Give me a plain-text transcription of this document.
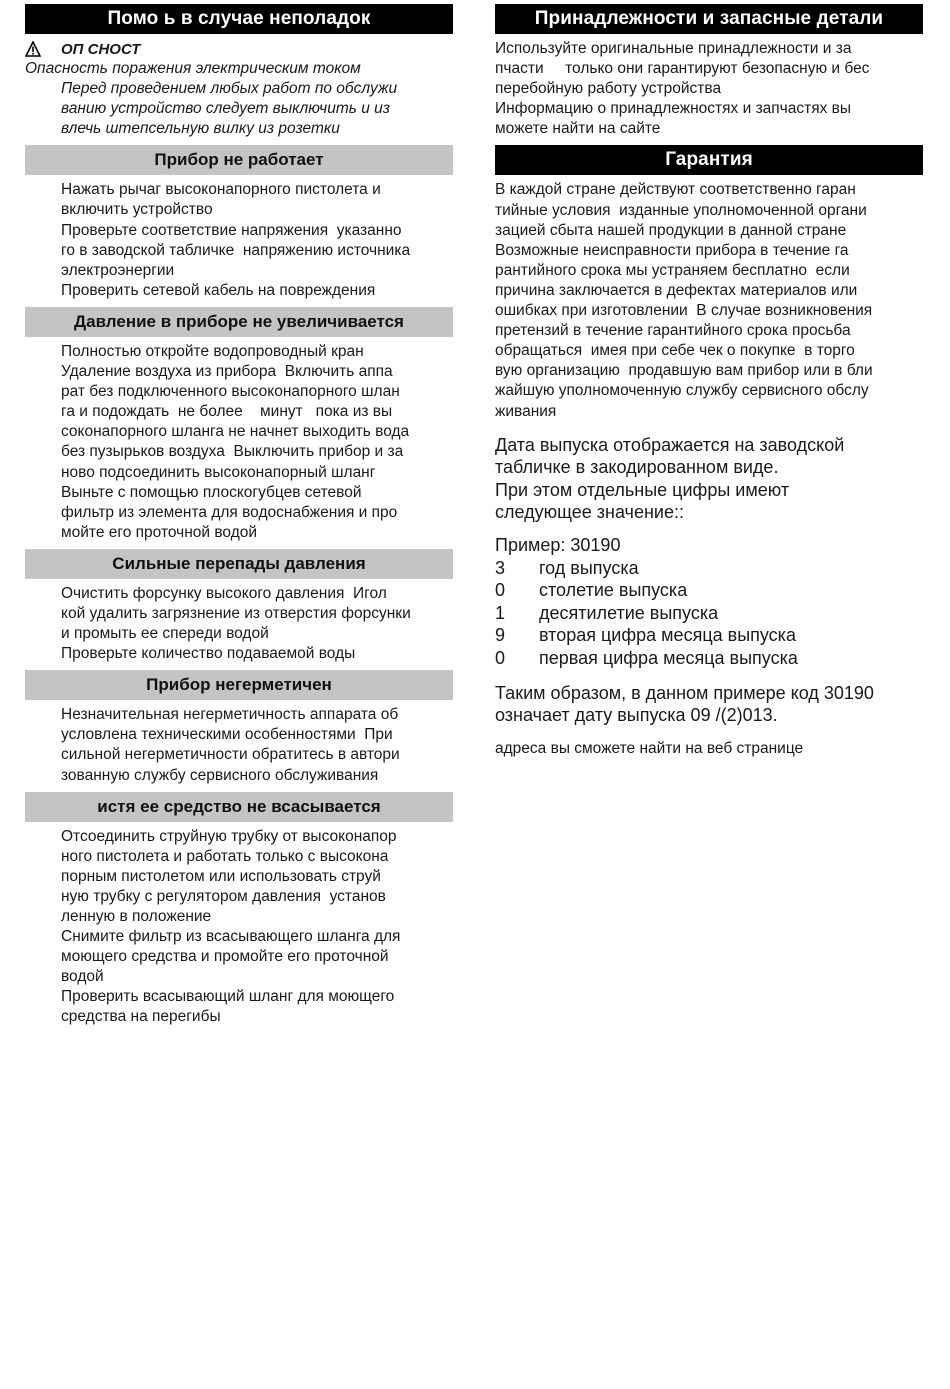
Помо ь в случае неполадок
ОП СНОСТ
Опасность поражения электрическим током
Перед проведением любых работ по обслужи
ванию устройство следует выключить и из
влечь штепсельную вилку из розетки
Прибор не работает
Нажать рычаг высоконапорного пистолета и
включить устройство
Проверьте соответствие напряжения  указанно
го в заводской табличке  напряжению источника
электроэнергии
Проверить сетевой кабель на повреждения
Давление в приборе не увеличивается
Полностью откройте водопроводный кран
Удаление воздуха из прибора  Включить аппа
рат без подключенного высоконапорного шлан
га и подождать  не более    минут   пока из вы
соконапорного шланга не начнет выходить вода
без пузырьков воздуха  Выключить прибор и за
ново подсоединить высоконапорный шланг
Выньте с помощью плоскогубцев сетевой
фильтр из элемента для водоснабжения и про
мойте его проточной водой
Сильные перепады давления
Очистить форсунку высокого давления  Игол
кой удалить загрязнение из отверстия форсунки
и промыть ее спереди водой
Проверьте количество подаваемой воды
Прибор негерметичен
Незначительная негерметичность аппарата об
условлена техническими особенностями  При
сильной негерметичности обратитесь в автори
зованную службу сервисного обслуживания
истя ее средство не всасывается
Отсоединить струйную трубку от высоконапор
ного пистолета и работать только с высокона
порным пистолетом или использовать струй
ную трубку с регулятором давления  установ
ленную в положение
Снимите фильтр из всасывающего шланга для
моющего средства и промойте его проточной
водой
Проверить всасывающий шланг для моющего
средства на перегибы
Принадлежности и запасные детали
Используйте оригинальные принадлежности и за
пчасти     только они гарантируют безопасную и бес
перебойную работу устройства
Информацию о принадлежностях и запчастях вы
можете найти на сайте
Гарантия
В каждой стране действуют соответственно гаран
тийные условия  изданные уполномоченной органи
зацией сбыта нашей продукции в данной стране
Возможные неисправности прибора в течение га
рантийного срока мы устраняем бесплатно  если
причина заключается в дефектах материалов или
ошибках при изготовлении  В случае возникновения
претензий в течение гарантийного срока просьба
обращаться  имея при себе чек о покупке  в торго
вую организацию  продавшую вам прибор или в бли
жайшую уполномоченную службу сервисного обслу
живания
Дата выпуска отображается на заводской
табличке в закодированном виде.
При этом отдельные цифры имеют
следующее значение::
Пример: 30190
3	год выпуска
0	столетие выпуска
1	десятилетие выпуска
9	вторая цифра месяца выпуска
0	первая цифра месяца выпуска
Таким образом, в данном примере код 30190
означает дату выпуска 09 /(2)013.
адреса вы сможете найти на веб странице
